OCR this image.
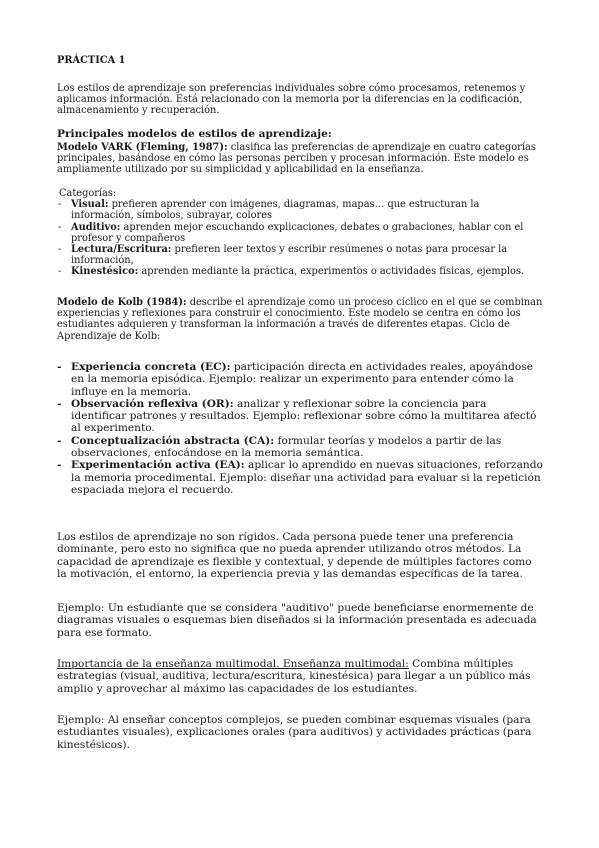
PRÁCTICA 1

Los estilos de aprendizaje son preferencias individuales sobre cómo procesamos, retenemos y aplicamos información. Está relacionado con la memoria por la diferencias en la codificación, almacenamiento y recuperación.

Principales modelos de estilos de aprendizaje:

Modelo VARK (Fleming, 1987): clasifica las preferencias de aprendizaje en cuatro categorías principales, basándose en cómo las personas perciben y procesan información. Este modelo es ampliamente utilizado por su simplicidad y aplicabilidad en la enseñanza.

Categorías:
- Visual: prefieren aprender con imágenes, diagramas, mapas… que estructuran la información, símbolos, subrayar, colores
- Auditivo: aprenden mejor escuchando explicaciones, debates o grabaciones, hablar con el profesor y compañeros
- Lectura/Escritura: prefieren leer textos y escribir resúmenes o notas para procesar la información,
- Kinestésico: aprenden mediante la práctica, experimentos o actividades físicas, ejemplos.

Modelo de Kolb (1984): describe el aprendizaje como un proceso cíclico en el que se combinan experiencias y reflexiones para construir el conocimiento. Este modelo se centra en cómo los estudiantes adquieren y transforman la información a través de diferentes etapas. Ciclo de Aprendizaje de Kolb:

- Experiencia concreta (EC): participación directa en actividades reales, apoyándose en la memoria episódica. Ejemplo: realizar un experimento para entender cómo la influye en la memoria.
- Observación reflexiva (OR): analizar y reflexionar sobre la conciencia para identificar patrones y resultados. Ejemplo: reflexionar sobre cómo la multitarea afectó al experimento.
- Conceptualización abstracta (CA): formular teorías y modelos a partir de las observaciones, enfocándose en la memoria semántica.
- Experimentación activa (EA): aplicar lo aprendido en nuevas situaciones, reforzando la memoria procedimental. Ejemplo: diseñar una actividad para evaluar si la repetición espaciada mejora el recuerdo.

Los estilos de aprendizaje no son rígidos. Cada persona puede tener una preferencia dominante, pero esto no significa que no pueda aprender utilizando otros métodos. La capacidad de aprendizaje es flexible y contextual, y depende de múltiples factores como la motivación, el entorno, la experiencia previa y las demandas específicas de la tarea.

Ejemplo: Un estudiante que se considera "auditivo" puede beneficiarse enormemente de diagramas visuales o esquemas bien diseñados si la información presentada es adecuada para ese formato.

Importancia de la enseñanza multimodal. Enseñanza multimodal: Combina múltiples estrategias (visual, auditiva, lectura/escritura, kinestésica) para llegar a un público más amplio y aprovechar al máximo las capacidades de los estudiantes.

Ejemplo: Al enseñar conceptos complejos, se pueden combinar esquemas visuales (para estudiantes visuales), explicaciones orales (para auditivos) y actividades prácticas (para kinestésicos).
